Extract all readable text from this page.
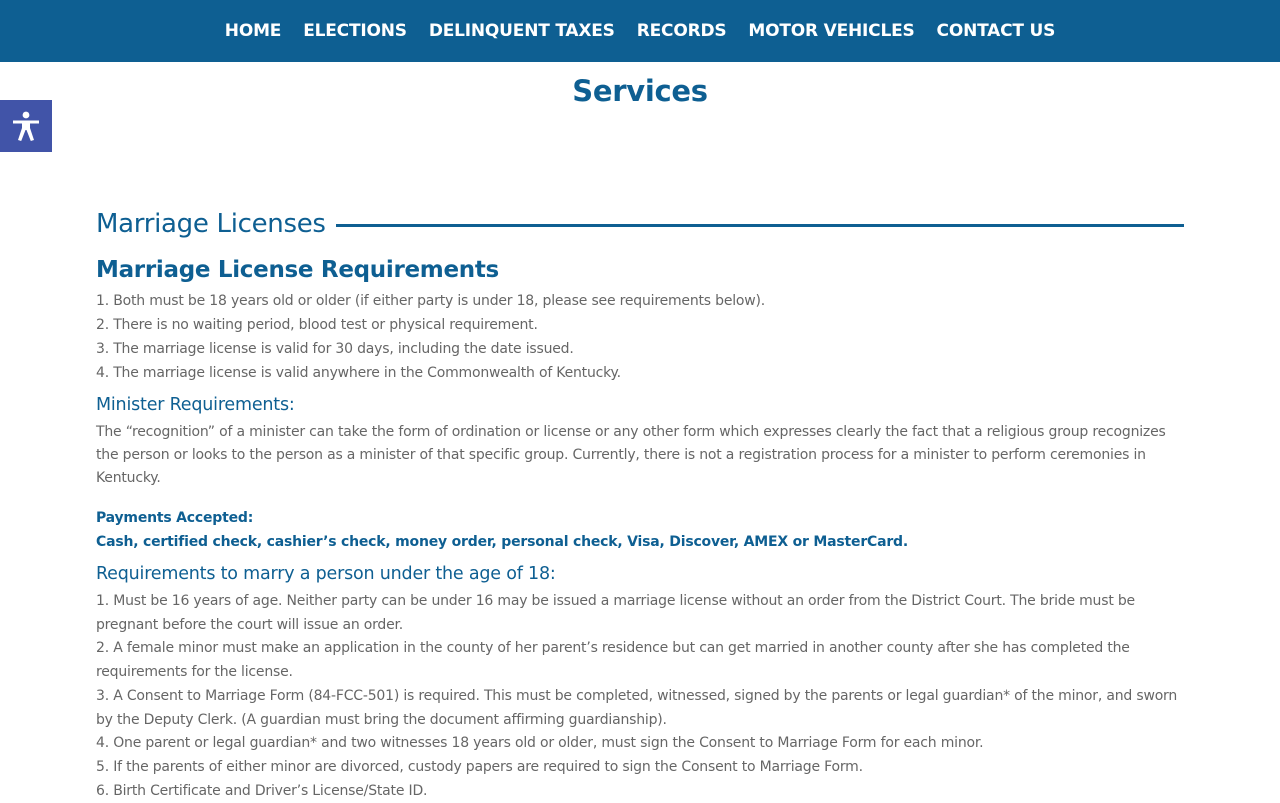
HOME ELECTIONS DELINQUENT TAXES RECORDS MOTOR VEHICLES CONTACT US
Services
Marriage Licenses
Marriage License Requirements
1. Both must be 18 years old or older (if either party is under 18, please see requirements below).
2. There is no waiting period, blood test or physical requirement.
3. The marriage license is valid for 30 days, including the date issued.
4. The marriage license is valid anywhere in the Commonwealth of Kentucky.
Minister Requirements:

The “recognition” of a minister can take the form of ordination or license or any other form which expresses clearly the fact that a religious group recognizes the person or looks to the person as a minister of that specific group. Currently, there is not a registration process for a minister to perform ceremonies in Kentucky.

Payments Accepted:
Cash, certified check, cashier’s check, money order, personal check, Visa, Discover, AMEX or MasterCard.
Requirements to marry a person under the age of 18:
1. Must be 16 years of age. Neither party can be under 16 may be issued a marriage license without an order from the District Court. The bride must be pregnant before the court will issue an order.
2. A female minor must make an application in the county of her parent’s residence but can get married in another county after she has completed the requirements for the license.
3. A Consent to Marriage Form (84-FCC-501) is required. This must be completed, witnessed, signed by the parents or legal guardian* of the minor, and sworn by the Deputy Clerk. (A guardian must bring the document affirming guardianship).
4. One parent or legal guardian* and two witnesses 18 years old or older, must sign the Consent to Marriage Form for each minor.
5. If the parents of either minor are divorced, custody papers are required to sign the Consent to Marriage Form.
6. Birth Certificate and Driver’s License/State ID.
